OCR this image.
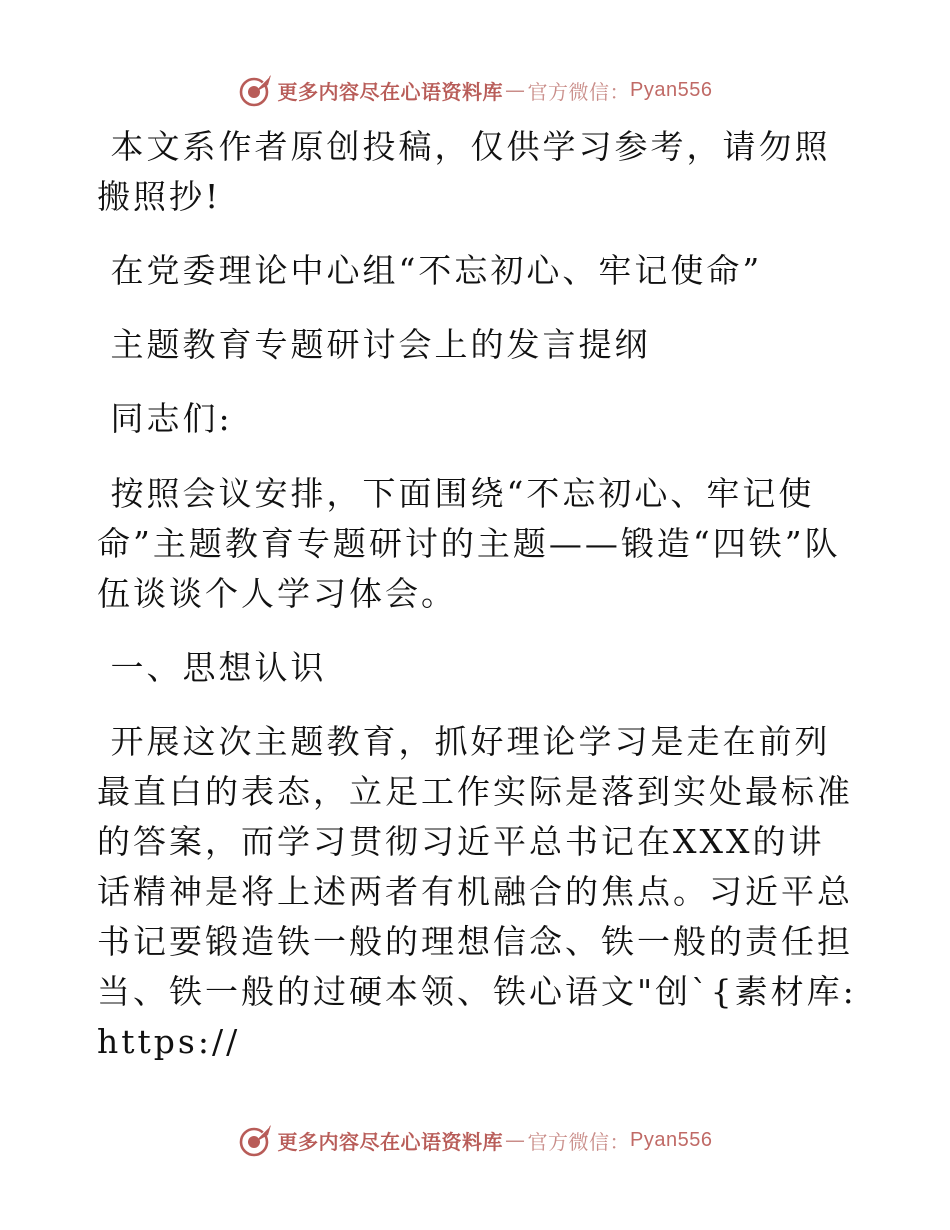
更多内容尽在心语资料库 — 官方微信： Pyan556

本文系作者原创投稿，仅供学习参考，请勿照搬照抄!

在党委理论中心组“不忘初心、牢记使命”

主题教育专题研讨会上的发言提纲

同志们:

按照会议安排，下面围绕“不忘初心、牢记使命”主题教育专题研讨的主题——锻造“四铁”队伍谈谈个人学习体会。

一、思想认识

开展这次主题教育，抓好理论学习是走在前列最直白的表态，立足工作实际是落到实处最标准的答案，而学习贯彻习近平总书记在XXX的讲话精神是将上述两者有机融合的焦点。习近平总书记要锻造铁一般的理想信念、铁一般的责任担当、铁一般的过硬本领、铁心语文"创`{素材库: https://

更多内容尽在心语资料库 — 官方微信： Pyan556
